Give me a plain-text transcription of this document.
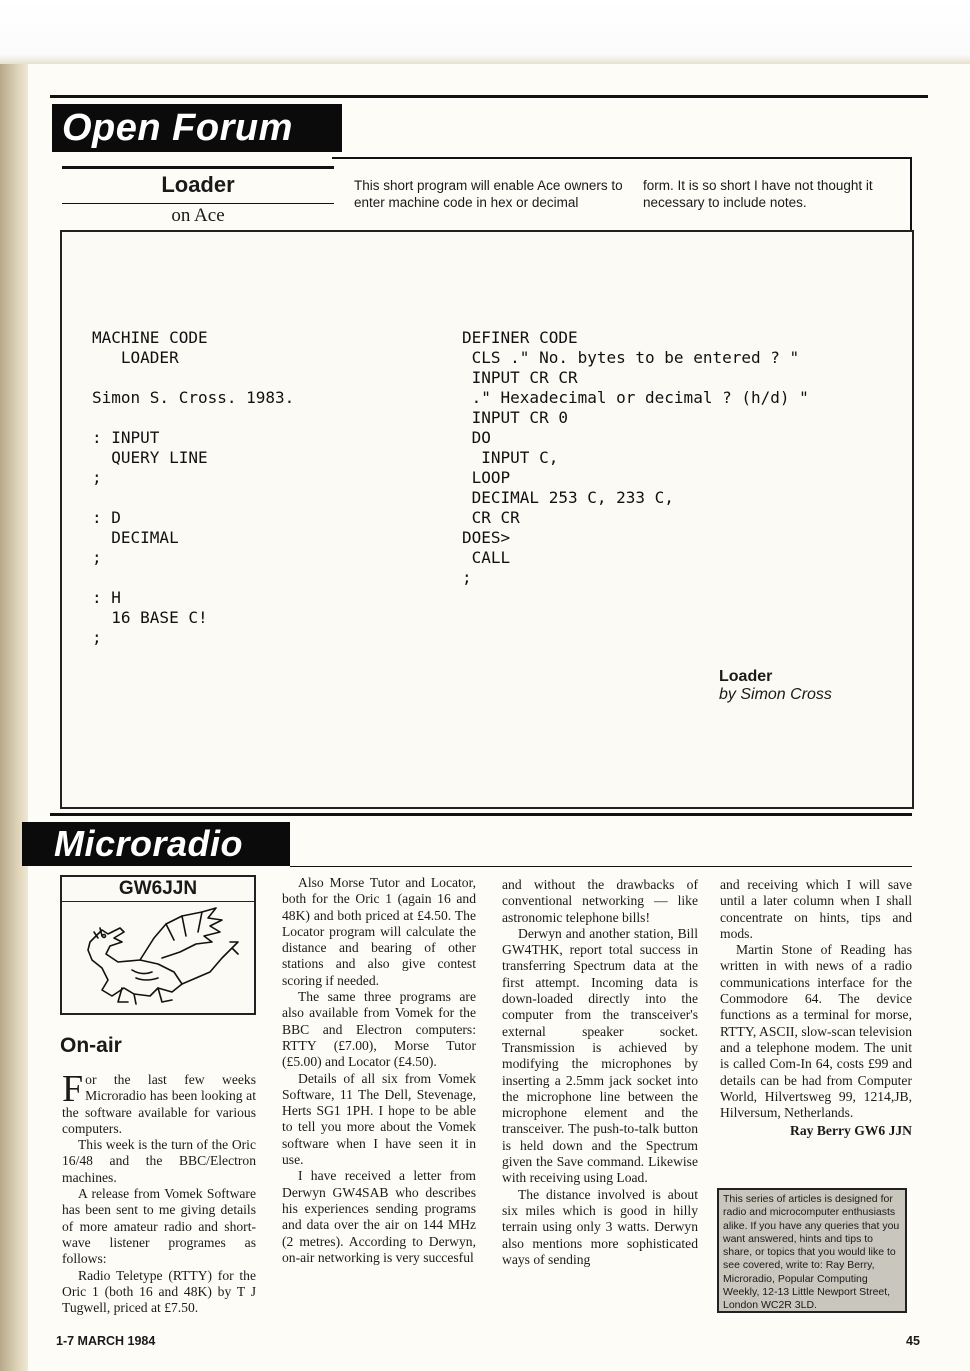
Open Forum
Loader
on Ace
This short program will enable Ace owners to enter machine code in hex or decimal
form. It is so short I have not thought it necessary to include notes.
MACHINE CODE
LOADER

Simon S. Cross. 1983.

: INPUT
QUERY LINE
;

: D
DECIMAL
;

: H
16 BASE C!
;
DEFINER CODE
CLS ." No. bytes to be entered ? "
INPUT CR CR
." Hexadecimal or decimal ? (h/d) "
INPUT CR 0
DO
INPUT C,
LOOP
DECIMAL 253 C, 233 C,
CR CR
DOES>
CALL
;
Loader
by Simon Cross
Microradio
GW6JJN
On-air

For the last few weeks Microradio has been looking at the software available for various computers.

This week is the turn of the Oric 16/48 and the BBC/Electron machines.

A release from Vomek Software has been sent to me giving details of more amateur radio and short-wave listener programes as follows:

Radio Teletype (RTTY) for the Oric 1 (both 16 and 48K) by T J Tugwell, priced at £7.50.

Also Morse Tutor and Locator, both for the Oric 1 (again 16 and 48K) and both priced at £4.50. The Locator program will calculate the distance and bearing of other stations and also give contest scoring if needed.

The same three programs are also available from Vomek for the BBC and Electron computers: RTTY (£7.00), Morse Tutor (£5.00) and Locator (£4.50).

Details of all six from Vomek Software, 11 The Dell, Stevenage, Herts SG1 1PH. I hope to be able to tell you more about the Vomek software when I have seen it in use.

I have received a letter from Derwyn GW4SAB who describes his experiences sending programs and data over the air on 144 MHz (2 metres). According to Derwyn, on-air networking is very succesful

and without the drawbacks of conventional networking — like astronomic telephone bills!

Derwyn and another station, Bill GW4THK, report total success in transferring Spectrum data at the first attempt. Incoming data is down-loaded directly into the computer from the transceiver's external speaker socket. Transmission is achieved by modifying the microphones by inserting a 2.5mm jack socket into the microphone line between the microphone element and the transceiver. The push-to-talk button is held down and the Spectrum given the Save command. Likewise with receiving using Load.

The distance involved is about six miles which is good in hilly terrain using only 3 watts. Derwyn also mentions more sophisticated ways of sending

and receiving which I will save until a later column when I shall concentrate on hints, tips and mods.

Martin Stone of Reading has written in with news of a radio communications interface for the Commodore 64. The device functions as a terminal for morse, RTTY, ASCII, slow-scan television and a telephone modem. The unit is called Com-In 64, costs £99 and details can be had from Computer World, Hilvertsweg 99, 1214,JB, Hilversum, Netherlands.

Ray Berry GW6 JJN

This series of articles is designed for radio and microcomputer enthusiasts alike. If you have any queries that you want answered, hints and tips to share, or topics that you would like to see covered, write to: Ray Berry, Microradio, Popular Computing Weekly, 12-13 Little Newport Street, London WC2R 3LD.
1-7 MARCH 1984	45
